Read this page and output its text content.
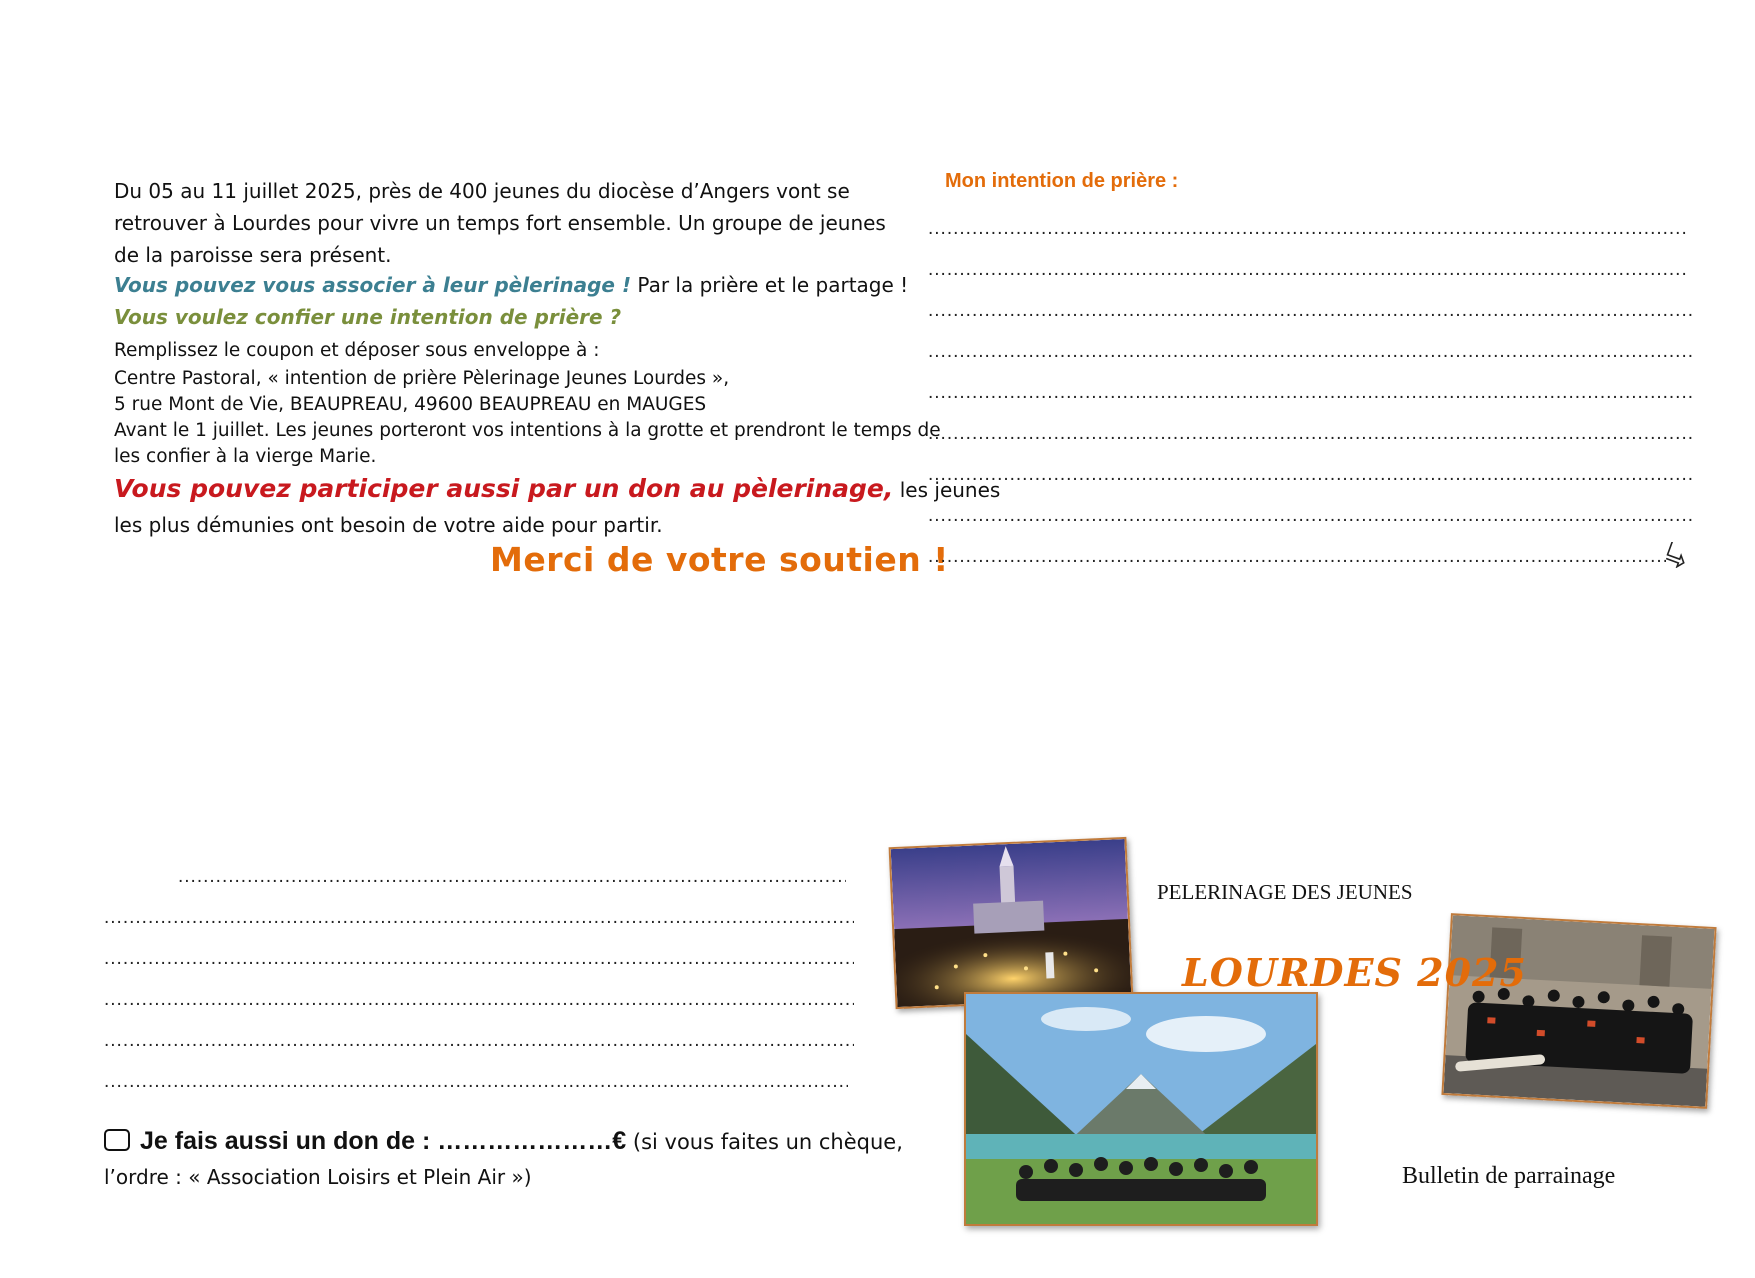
Du 05 au 11 juillet 2025, près de 400 jeunes du diocèse d’Angers vont se retrouver à Lourdes pour vivre un temps fort ensemble. Un groupe de jeunes de la paroisse sera présent.

Vous pouvez vous associer à leur pèlerinage ! Par la prière et le partage !
Vous voulez confier une intention de prière ?
Remplissez le coupon et déposer sous enveloppe à :
Centre Pastoral, « intention de prière Pèlerinage Jeunes Lourdes »,
5 rue Mont de Vie, BEAUPREAU, 49600 BEAUPREAU en MAUGES
Avant le 1 juillet. Les jeunes porteront vos intentions à la grotte et prendront le temps de
les confier à la vierge Marie.
Vous pouvez participer aussi par un don au pèlerinage, les jeunes
les plus démunies ont besoin de votre aide pour partir.
Merci de votre soutien !
Mon intention de prière :
.....
.....
.....
.....
.....
.....
.....
.....
.....
.....
.....
.....
.....
.....
.....
Je fais aussi un don de : …………………€ (si vous faites un chèque,
l’ordre : « Association Loisirs et Plein Air »)
PELERINAGE DES JEUNES
LOURDES 2025
Bulletin de parrainage
